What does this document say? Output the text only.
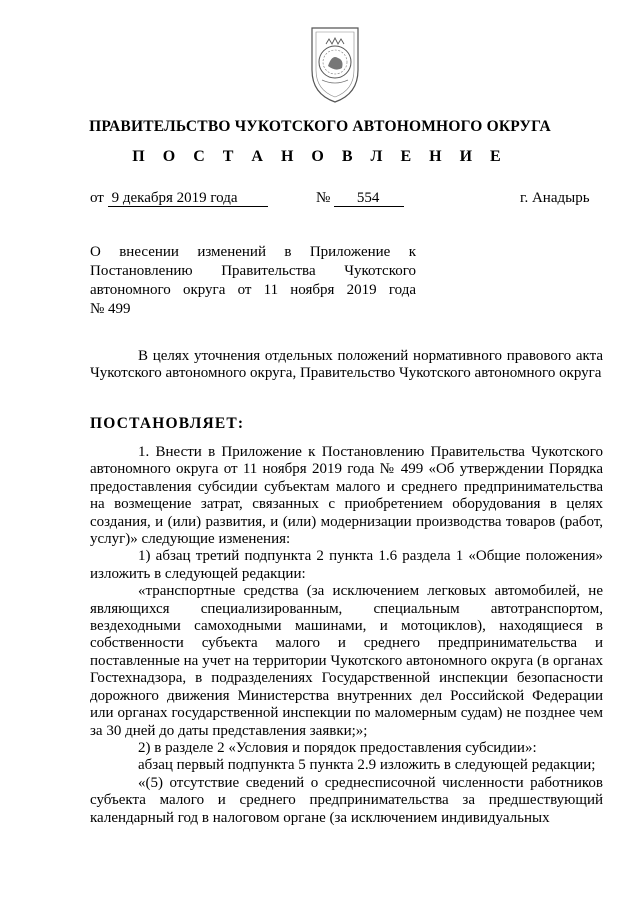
ПРАВИТЕЛЬСТВО ЧУКОТСКОГО АВТОНОМНОГО ОКРУГА
П О С Т А Н О В Л Е Н И Е
от 9 декабря 2019 года	№ 554	г. Анадырь

О внесении изменений в Приложение к

Постановлению Правительства Чукотского

автономного округа от 11 ноября 2019 года

№ 499

В целях уточнения отдельных положений нормативного правового акта Чукотского автономного округа, Правительство Чукотского автономного округа

ПОСТАНОВЛЯЕТ:

1. Внести в Приложение к Постановлению Правительства Чукотского автономного округа от 11 ноября 2019 года № 499 «Об утверждении Порядка предоставления субсидии субъектам малого и среднего предпринимательства на возмещение затрат, связанных с приобретением оборудования в целях создания, и (или) развития, и (или) модернизации производства товаров (работ, услуг)» следующие изменения:

1) абзац третий подпункта 2 пункта 1.6 раздела 1 «Общие положения» изложить в следующей редакции:

«транспортные средства (за исключением легковых автомобилей, не являющихся специализированным, специальным автотранспортом, вездеходными самоходными машинами, и мотоциклов), находящиеся в собственности субъекта малого и среднего предпринимательства и поставленные на учет на территории Чукотского автономного округа (в органах Гостехнадзора, в подразделениях Государственной инспекции безопасности дорожного движения Министерства внутренних дел Российской Федерации или органах государственной инспекции по маломерным судам) не позднее чем за 30 дней до даты представления заявки;»;

2) в разделе 2 «Условия и порядок предоставления субсидии»:

абзац первый подпункта 5 пункта 2.9 изложить в следующей редакции;

«(5) отсутствие сведений о среднесписочной численности работников субъекта малого и среднего предпринимательства за предшествующий календарный год в налоговом органе (за исключением индивидуальных
